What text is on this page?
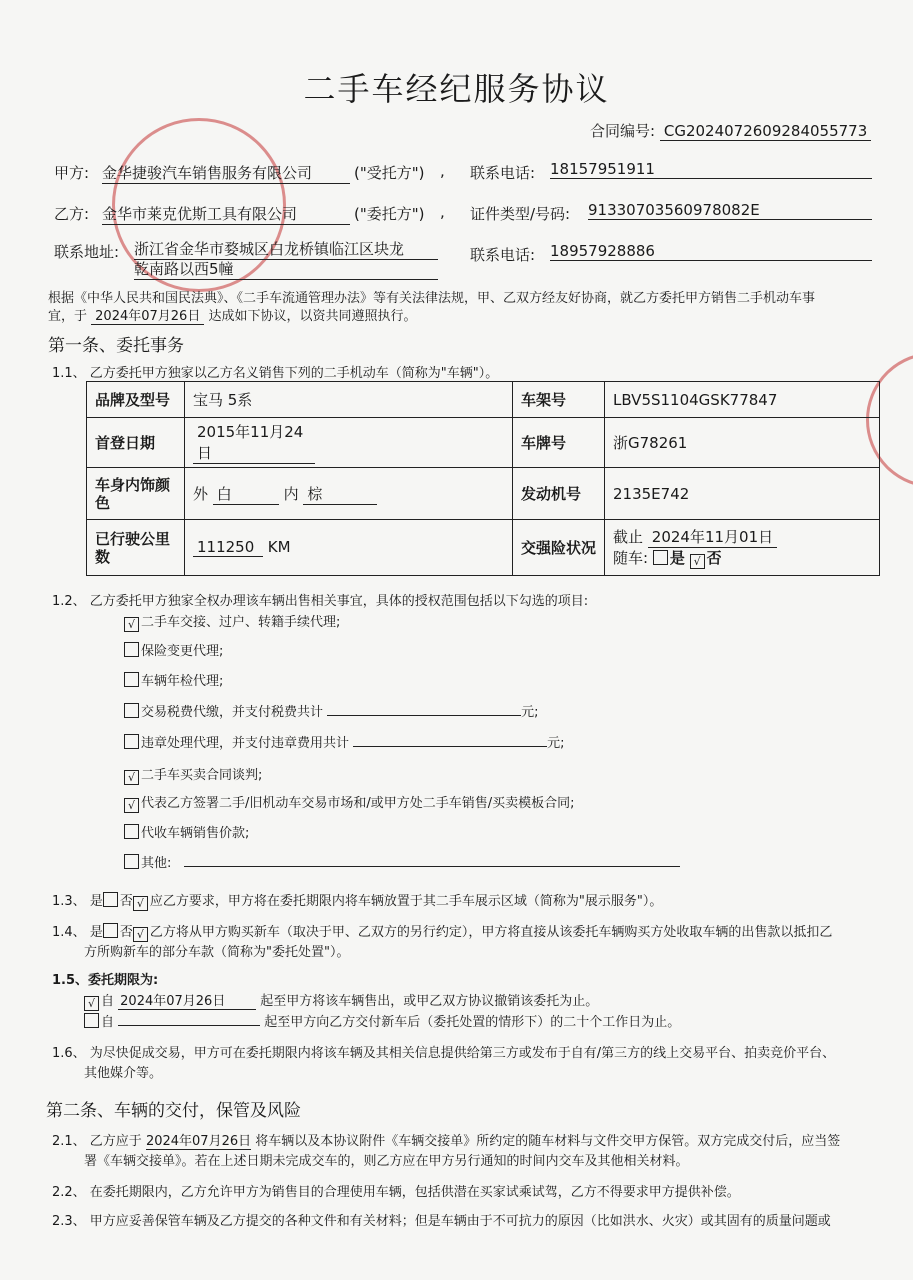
二手车经纪服务协议
合同编号: CG2024072609284055773
甲方: 金华捷骏汽车销售服务有限公司	("受托方") , 联系电话: 18157951911
乙方: 金华市莱克优斯工具有限公司	("委托方") , 证件类型/号码: 91330703560978082E
联系地址: 浙江省金华市婺城区白龙桥镇临江区块龙
乾南路以西5幢
联系电话: 18957928886
根据《中华人民共和国民法典》、《二手车流通管理办法》等有关法律法规，甲、乙双方经友好协商，就乙方委托甲方销售二手机动车事
宜，于 2024年07月26日 达成如下协议，以资共同遵照执行。
第一条、委托事务
1.1、 乙方委托甲方独家以乙方名义销售下列的二手机动车（简称为"车辆"）。
品牌及型号	宝马 5系	车架号	LBV5S1104GSK77847
首登日期	2015年11月24日	车牌号	浙G78261
车身内饰颜色	外 白 内 棕	发动机号	2135E742
已行驶公里数	111250 KM	交强险状况	截止 2024年11月01日
随车: 是 √ 否
1.2、 乙方委托甲方独家全权办理该车辆出售相关事宜，具体的授权范围包括以下勾选的项目:
√ 二手车交接、过户、转籍手续代理;
保险变更代理;
车辆年检代理;
交易税费代缴，并支付税费共计	元;
违章处理代理，并支付违章费用共计	元;
√ 二手车买卖合同谈判;
√ 代表乙方签署二手/旧机动车交易市场和/或甲方处二手车销售/买卖模板合同;
代收车辆销售价款;
其他:
1.3、 是 否 √ 应乙方要求，甲方将在委托期限内将车辆放置于其二手车展示区域（简称为"展示服务"）。
1.4、 是 否 √ 乙方将从甲方购买新车（取决于甲、乙双方的另行约定），甲方将直接从该委托车辆购买方处收取车辆的出售款以抵扣乙
方所购新车的部分车款（简称为"委托处置"）。
1.5、委托期限为:
√ 自 2024年07月26日	起至甲方将该车辆售出，或甲乙双方协议撤销该委托为止。
自	起至甲方向乙方交付新车后（委托处置的情形下）的二十个工作日为止。
1.6、 为尽快促成交易，甲方可在委托期限内将该车辆及其相关信息提供给第三方或发布于自有/第三方的线上交易平台、拍卖竞价平台、
其他媒介等。
第二条、车辆的交付，保管及风险
2.1、 乙方应于 2024年07月26日 将车辆以及本协议附件《车辆交接单》所约定的随车材料与文件交甲方保管。双方完成交付后，应当签
署《车辆交接单》。若在上述日期未完成交车的，则乙方应在甲方另行通知的时间内交车及其他相关材料。
2.2、 在委托期限内，乙方允许甲方为销售目的合理使用车辆，包括供潜在买家试乘试驾，乙方不得要求甲方提供补偿。
2.3、 甲方应妥善保管车辆及乙方提交的各种文件和有关材料；但是车辆由于不可抗力的原因（比如洪水、火灾）或其固有的质量问题或
